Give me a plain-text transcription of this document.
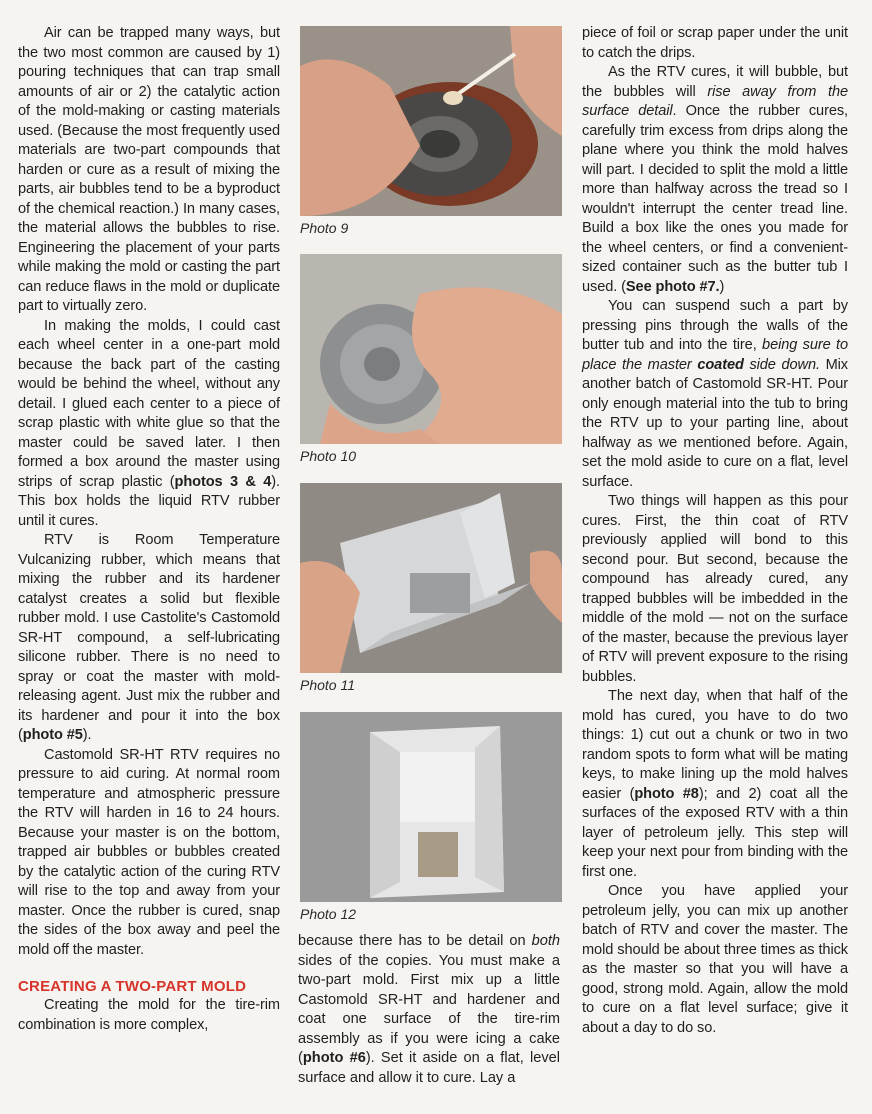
Air can be trapped many ways, but the two most common are caused by 1) pouring techniques that can trap small amounts of air or 2) the catalytic action of the mold-making or casting materials used. (Because the most frequently used materials are two-part compounds that harden or cure as a result of mixing the parts, air bubbles tend to be a byproduct of the chemical reaction.) In many cases, the material allows the bubbles to rise. Engineering the placement of your parts while making the mold or casting the part can reduce flaws in the mold or duplicate part to virtually zero.

In making the molds, I could cast each wheel center in a one-part mold because the back part of the casting would be behind the wheel, without any detail. I glued each center to a piece of scrap plastic with white glue so that the master could be saved later. I then formed a box around the master using strips of scrap plastic (photos 3 & 4). This box holds the liquid RTV rubber until it cures.

RTV is Room Temperature Vulcanizing rubber, which means that mixing the rubber and its hardener catalyst creates a solid but flexible rubber mold. I use Castolite's Castomold SR-HT compound, a self-lubricating silicone rubber. There is no need to spray or coat the master with mold-releasing agent. Just mix the rubber and its hardener and pour it into the box (photo #5).

Castomold SR-HT RTV requires no pressure to aid curing. At normal room temperature and atmospheric pressure the RTV will harden in 16 to 24 hours. Because your master is on the bottom, trapped air bubbles or bubbles created by the catalytic action of the curing RTV will rise to the top and away from your master. Once the rubber is cured, snap the sides of the box away and peel the mold off the master.

CREATING A TWO-PART MOLD

Creating the mold for the tire-rim combination is more complex,

Photo 9
Photo 10
Photo 11
Photo 12

because there has to be detail on both sides of the copies. You must make a two-part mold. First mix up a little Castomold SR-HT and hardener and coat one surface of the tire-rim assembly as if you were icing a cake (photo #6). Set it aside on a flat, level surface and allow it to cure. Lay a

piece of foil or scrap paper under the unit to catch the drips.

As the RTV cures, it will bubble, but the bubbles will rise away from the surface detail. Once the rubber cures, carefully trim excess from drips along the plane where you think the mold halves will part. I decided to split the mold a little more than halfway across the tread so I wouldn't interrupt the center tread line. Build a box like the ones you made for the wheel centers, or find a convenient-sized container such as the butter tub I used. (See photo #7.)

You can suspend such a part by pressing pins through the walls of the butter tub and into the tire, being sure to place the master coated side down. Mix another batch of Castomold SR-HT. Pour only enough material into the tub to bring the RTV up to your parting line, about halfway as we mentioned before. Again, set the mold aside to cure on a flat, level surface.

Two things will happen as this pour cures. First, the thin coat of RTV previously applied will bond to this second pour. But second, because the compound has already cured, any trapped bubbles will be imbedded in the middle of the mold — not on the surface of the master, because the previous layer of RTV will prevent exposure to the rising bubbles.

The next day, when that half of the mold has cured, you have to do two things: 1) cut out a chunk or two in two random spots to form what will be mating keys, to make lining up the mold halves easier (photo #8); and 2) coat all the surfaces of the exposed RTV with a thin layer of petroleum jelly. This step will keep your next pour from binding with the first one.

Once you have applied your petroleum jelly, you can mix up another batch of RTV and cover the master. The mold should be about three times as thick as the master so that you will have a good, strong mold. Again, allow the mold to cure on a flat level surface; give it about a day to do so.
